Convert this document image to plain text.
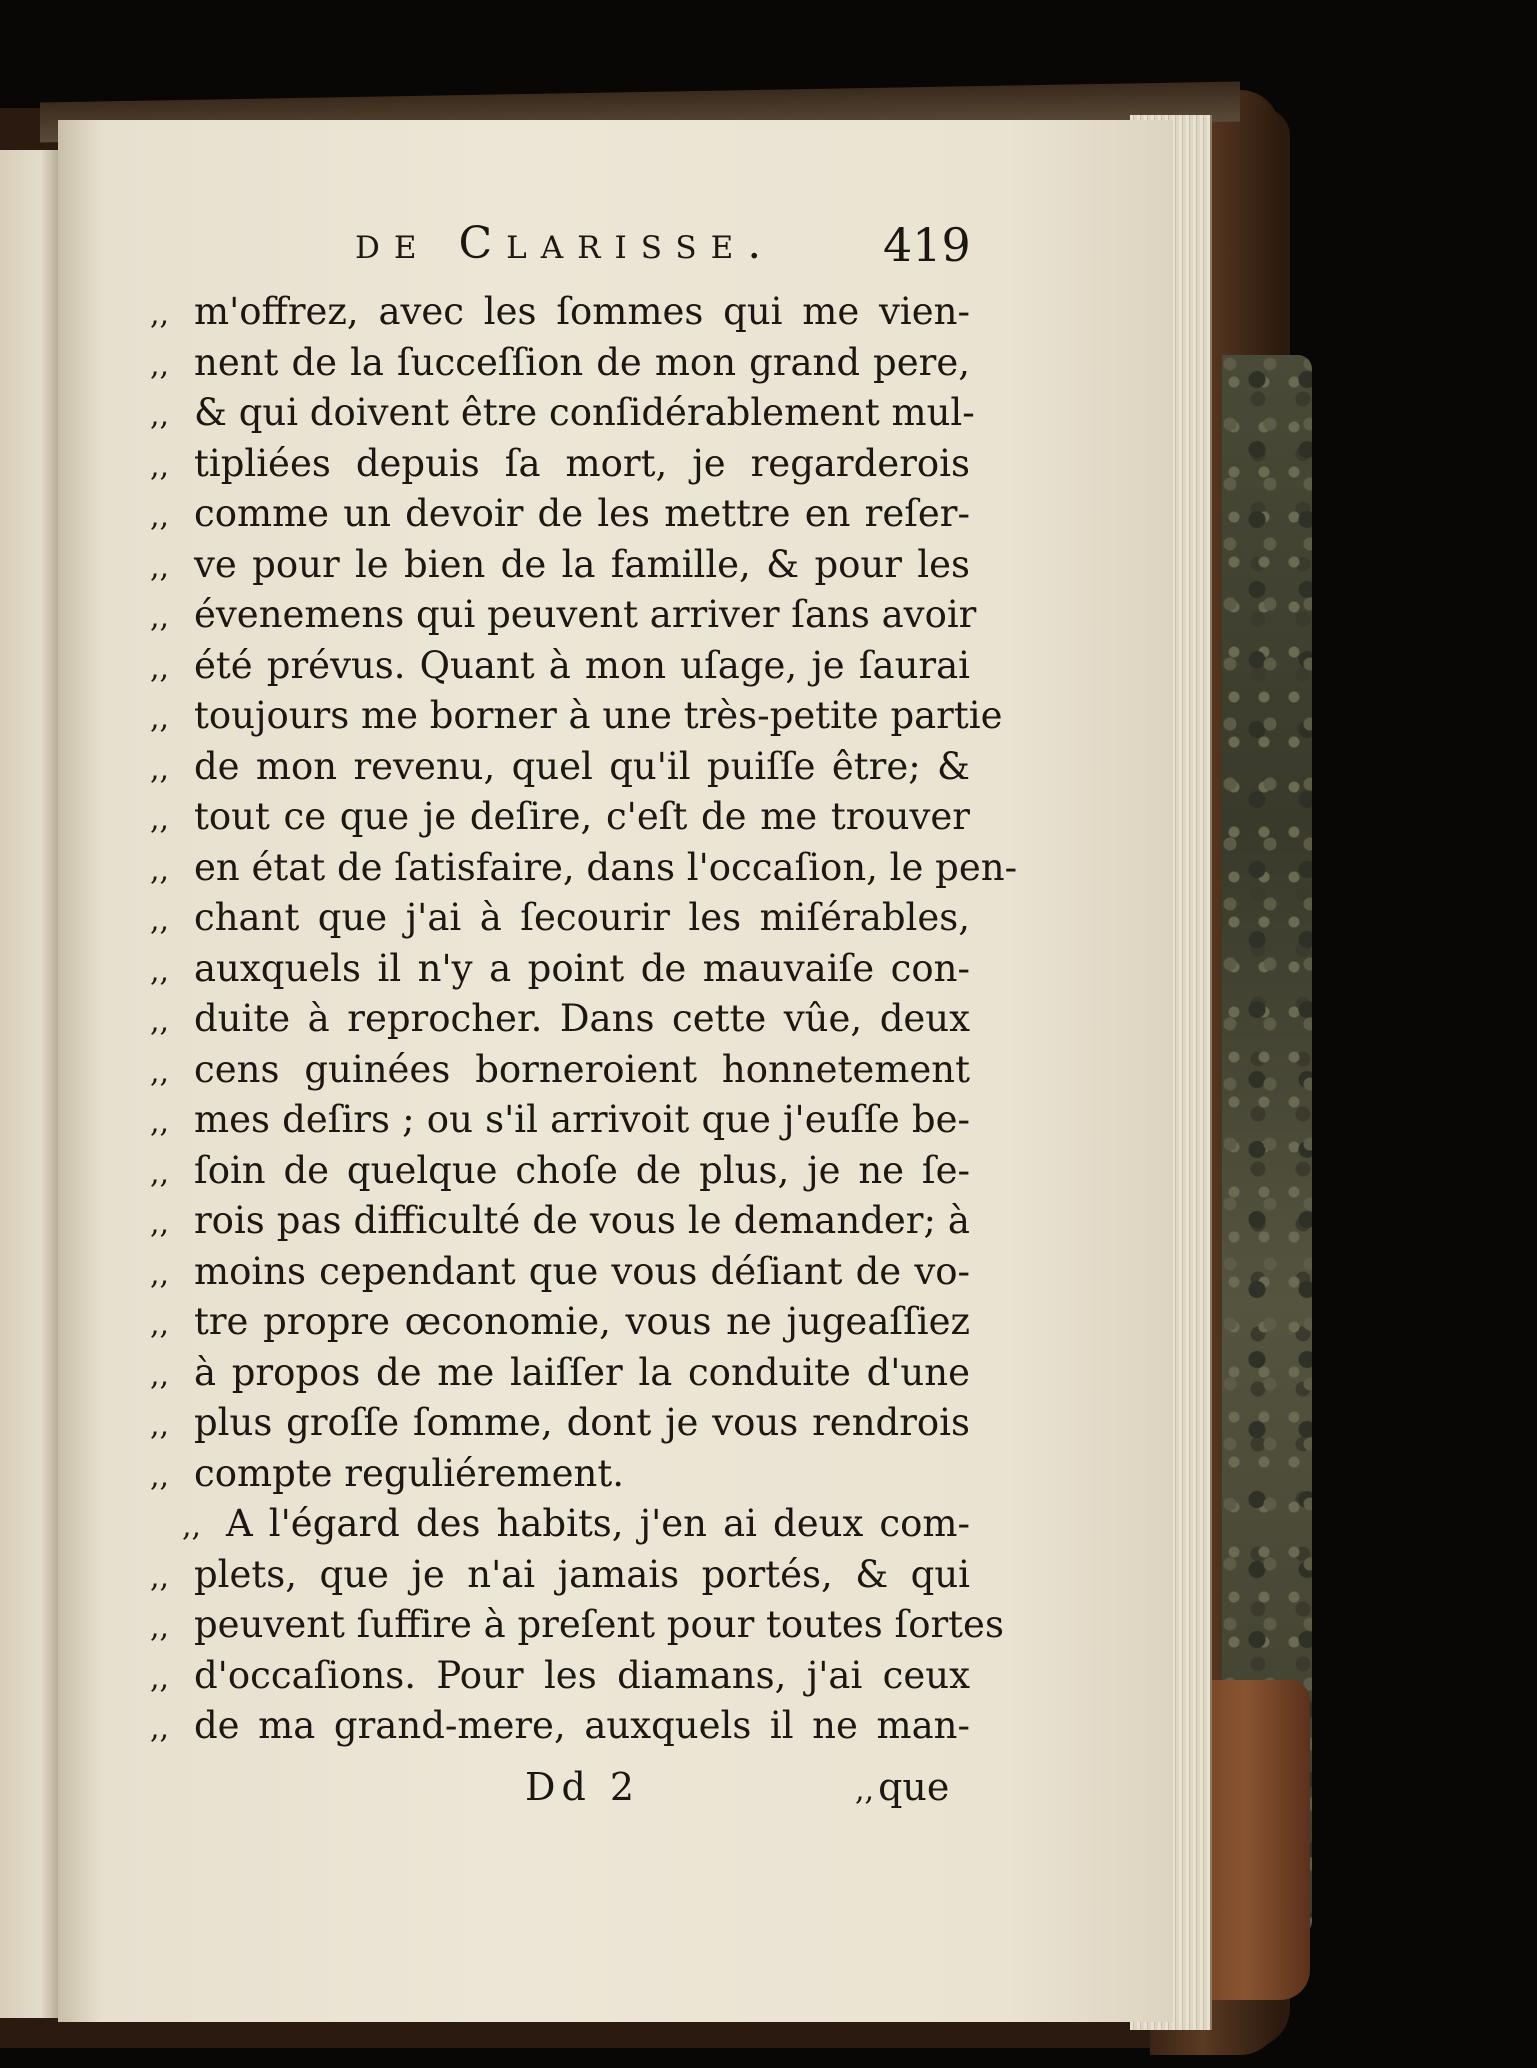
de Clarisse. 419
,, m'offrez, avec les ſommes qui me vien-
,, nent de la ſucceſſion de mon grand pere,
,, & qui doivent être conſidérablement mul-
,, tipliées depuis ſa mort, je regarderois
,, comme un devoir de les mettre en reſer-
,, ve pour le bien de la famille, & pour les
,, évenemens qui peuvent arriver ſans avoir
,, été prévus. Quant à mon uſage, je ſaurai
,, toujours me borner à une très-petite partie
,, de mon revenu, quel qu'il puiſſe être; &
,, tout ce que je deſire, c'eſt de me trouver
,, en état de ſatisfaire, dans l'occaſion, le pen-
,, chant que j'ai à ſecourir les miſérables,
,, auxquels il n'y a point de mauvaiſe con-
,, duite à reprocher. Dans cette vûe, deux
,, cens guinées borneroient honnetement
,, mes deſirs ; ou s'il arrivoit que j'euſſe be-
,, ſoin de quelque choſe de plus, je ne ſe-
,, rois pas difficulté de vous le demander; à
,, moins cependant que vous déſiant de vo-
,, tre propre œconomie, vous ne jugeaſſiez
,, à propos de me laiſſer la conduite d'une
,, plus groſſe ſomme, dont je vous rendrois
,, compte reguliérement.
,, A l'égard des habits, j'en ai deux com-
,, plets, que je n'ai jamais portés, & qui
,, peuvent ſuffire à preſent pour toutes ſortes
,, d'occaſions. Pour les diamans, j'ai ceux
,, de ma grand-mere, auxquels il ne man-
Dd 2	,, que
